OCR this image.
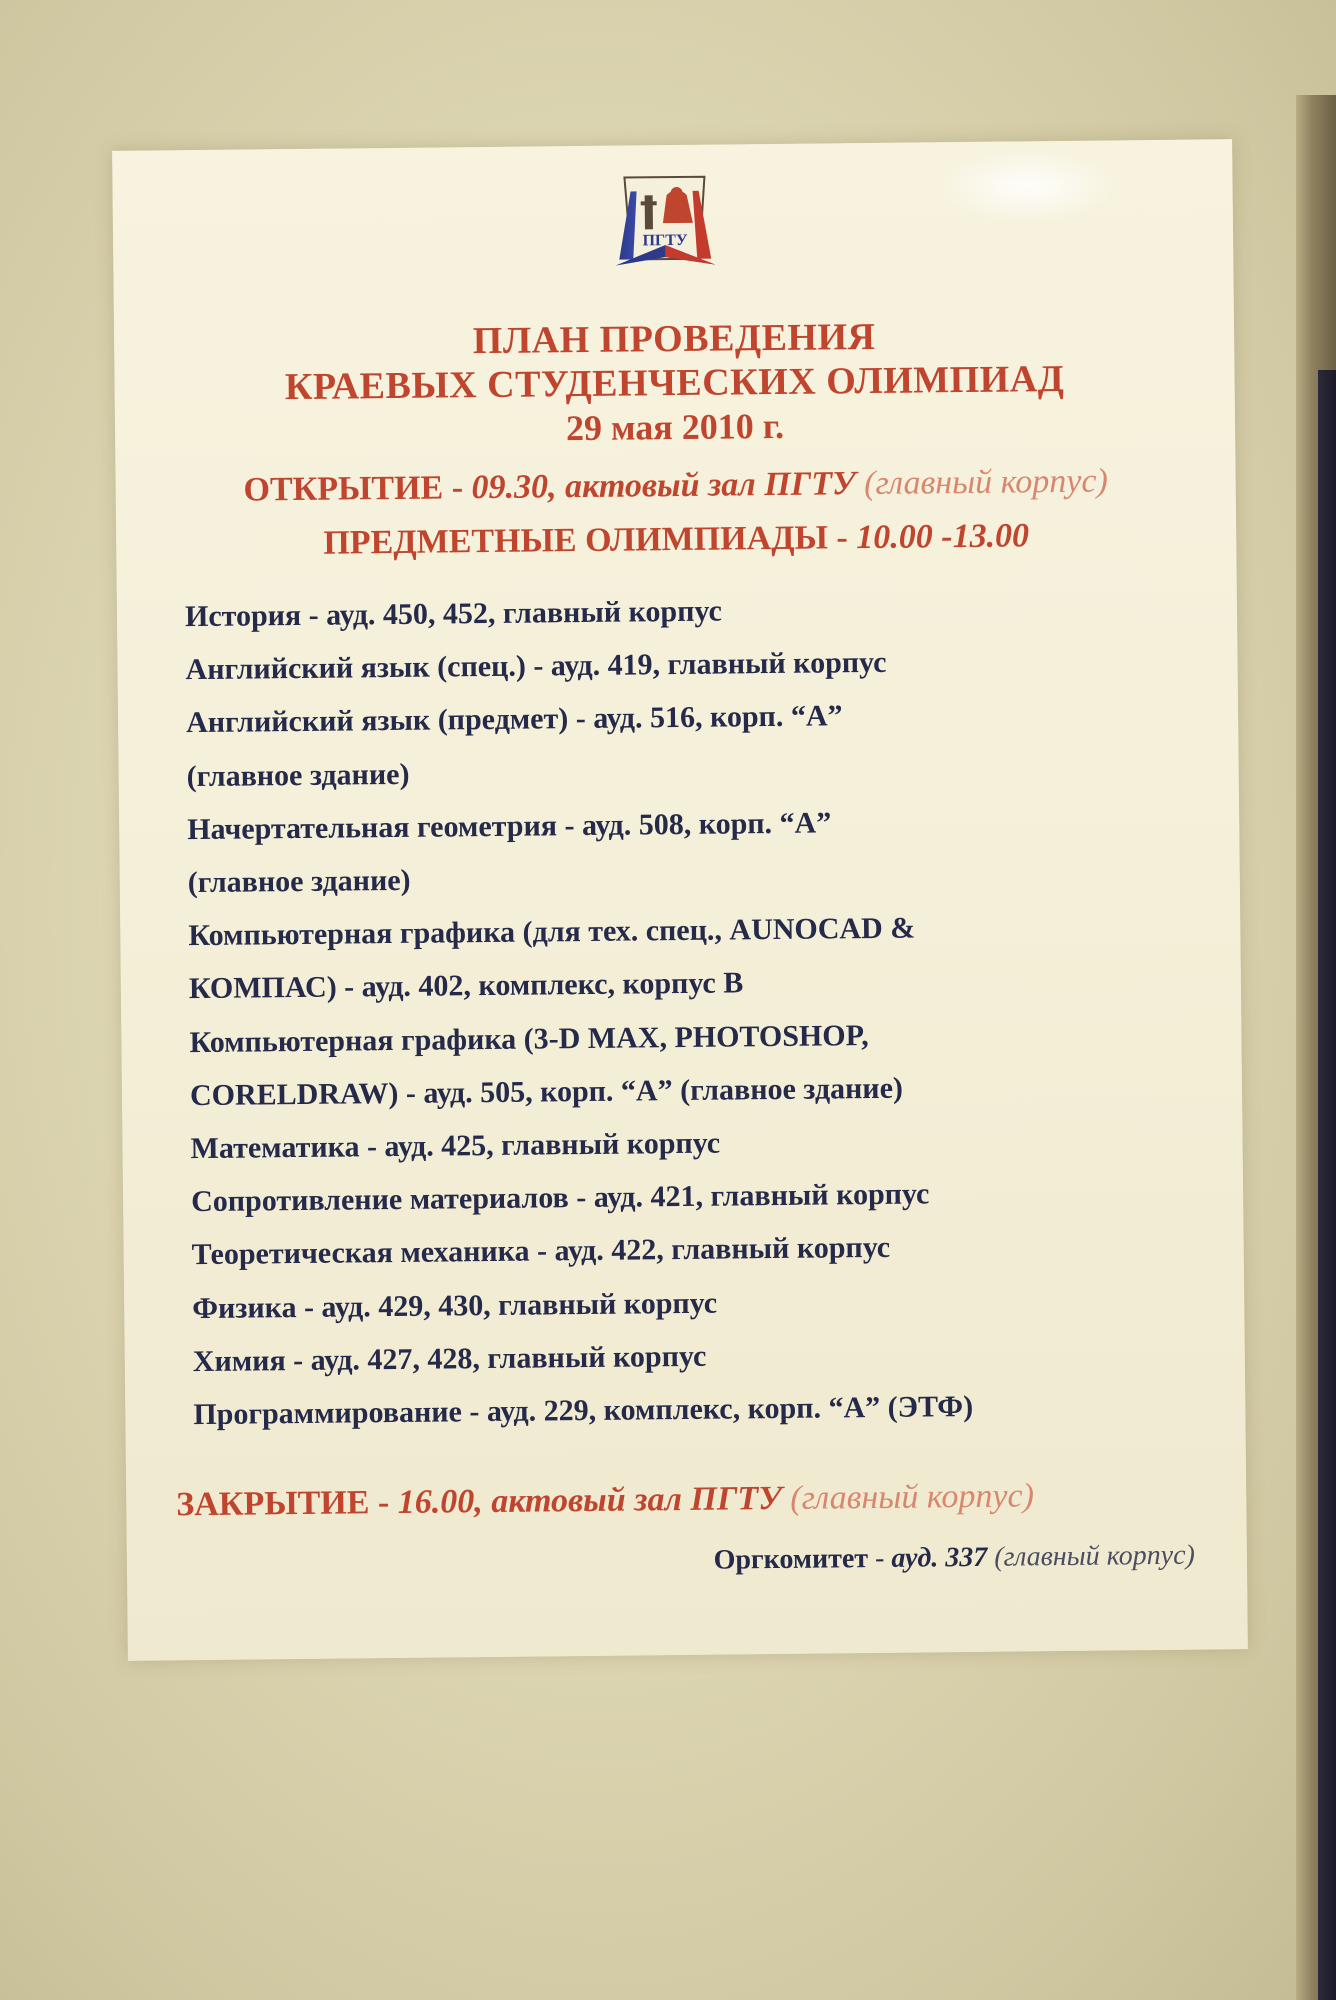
ПГТУ
ПЛАН ПРОВЕДЕНИЯ
КРАЕВЫХ СТУДЕНЧЕСКИХ ОЛИМПИАД
29 мая 2010 г.
ОТКРЫТИЕ - 09.30, актовый зал ПГТУ (главный корпус)
ПРЕДМЕТНЫЕ ОЛИМПИАДЫ - 10.00 -13.00
История - ауд. 450, 452, главный корпус
Английский язык (спец.) - ауд. 419, главный корпус
Английский язык (предмет) - ауд. 516, корп. “А”
(главное здание)
Начертательная геометрия - ауд. 508, корп. “А”
(главное здание)
Компьютерная графика (для тех. спец., AUNOCAD &
КОМПАС) - ауд. 402, комплекс, корпус В
Компьютерная графика (3-D MAX, PHOTOSHOP,
CORELDRAW) - ауд. 505, корп. “А” (главное здание)
Математика - ауд. 425, главный корпус
Сопротивление материалов - ауд. 421, главный корпус
Теоретическая механика - ауд. 422, главный корпус
Физика - ауд. 429, 430, главный корпус
Химия - ауд. 427, 428, главный корпус
Программирование - ауд. 229, комплекс, корп. “А” (ЭТФ)
ЗАКРЫТИЕ - 16.00, актовый зал ПГТУ (главный корпус)
Оргкомитет - ауд. 337 (главный корпус)
